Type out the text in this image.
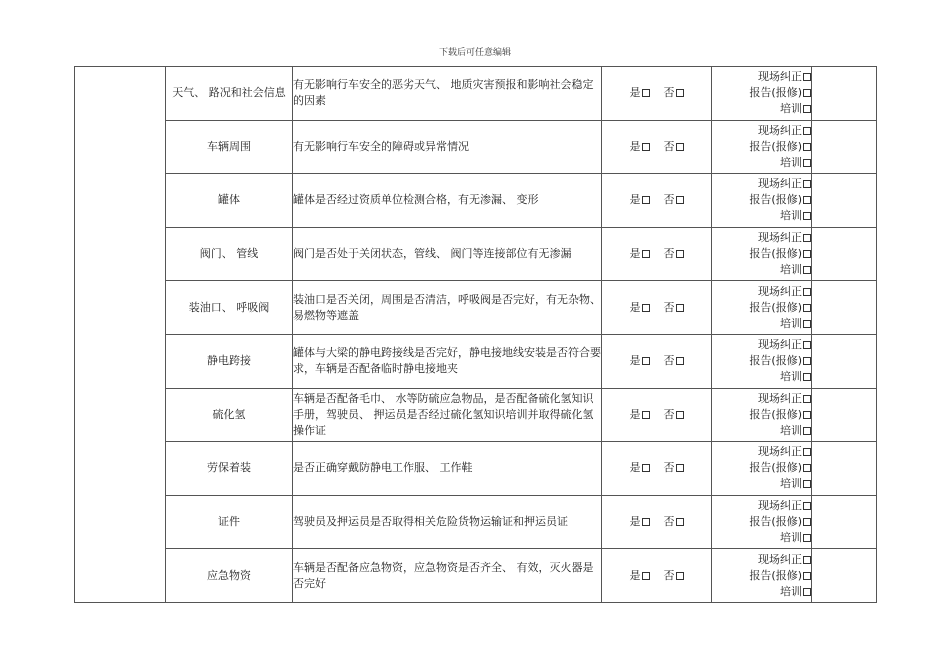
下载后可任意编辑
	天气、 路况和社会信息	有无影响行车安全的恶劣天气、 地质灾害预报和影响社会稳定的因素	是 否	现场纠正
报告(报修)
培训	

	车辆周围	有无影响行车安全的障碍或异常情况	是 否	现场纠正
报告(报修)
培训	

	罐体	罐体是否经过资质单位检测合格，有无渗漏、 变形	是 否	现场纠正
报告(报修)
培训	

	阀门、 管线	阀门是否处于关闭状态，管线、 阀门等连接部位有无渗漏	是 否	现场纠正
报告(报修)
培训	

	装油口、 呼吸阀	装油口是否关闭，周围是否清洁，呼吸阀是否完好，有无杂物、 易燃物等遮盖	是 否	现场纠正
报告(报修)
培训	

	静电跨接	罐体与大梁的静电跨接线是否完好，静电接地线安装是否符合要求，车辆是否配备临时静电接地夹	是 否	现场纠正
报告(报修)
培训	

	硫化氢	车辆是否配备毛巾、 水等防硫应急物品，是否配备硫化氢知识手册，驾驶员、 押运员是否经过硫化氢知识培训并取得硫化氢操作证	是 否	现场纠正
报告(报修)
培训	

	劳保着装	是否正确穿戴防静电工作服、 工作鞋	是 否	现场纠正
报告(报修)
培训	

	证件	驾驶员及押运员是否取得相关危险货物运输证和押运员证	是 否	现场纠正
报告(报修)
培训	

	应急物资	车辆是否配备应急物资，应急物资是否齐全、 有效，灭火器是否完好	是 否	现场纠正
报告(报修)
培训	
